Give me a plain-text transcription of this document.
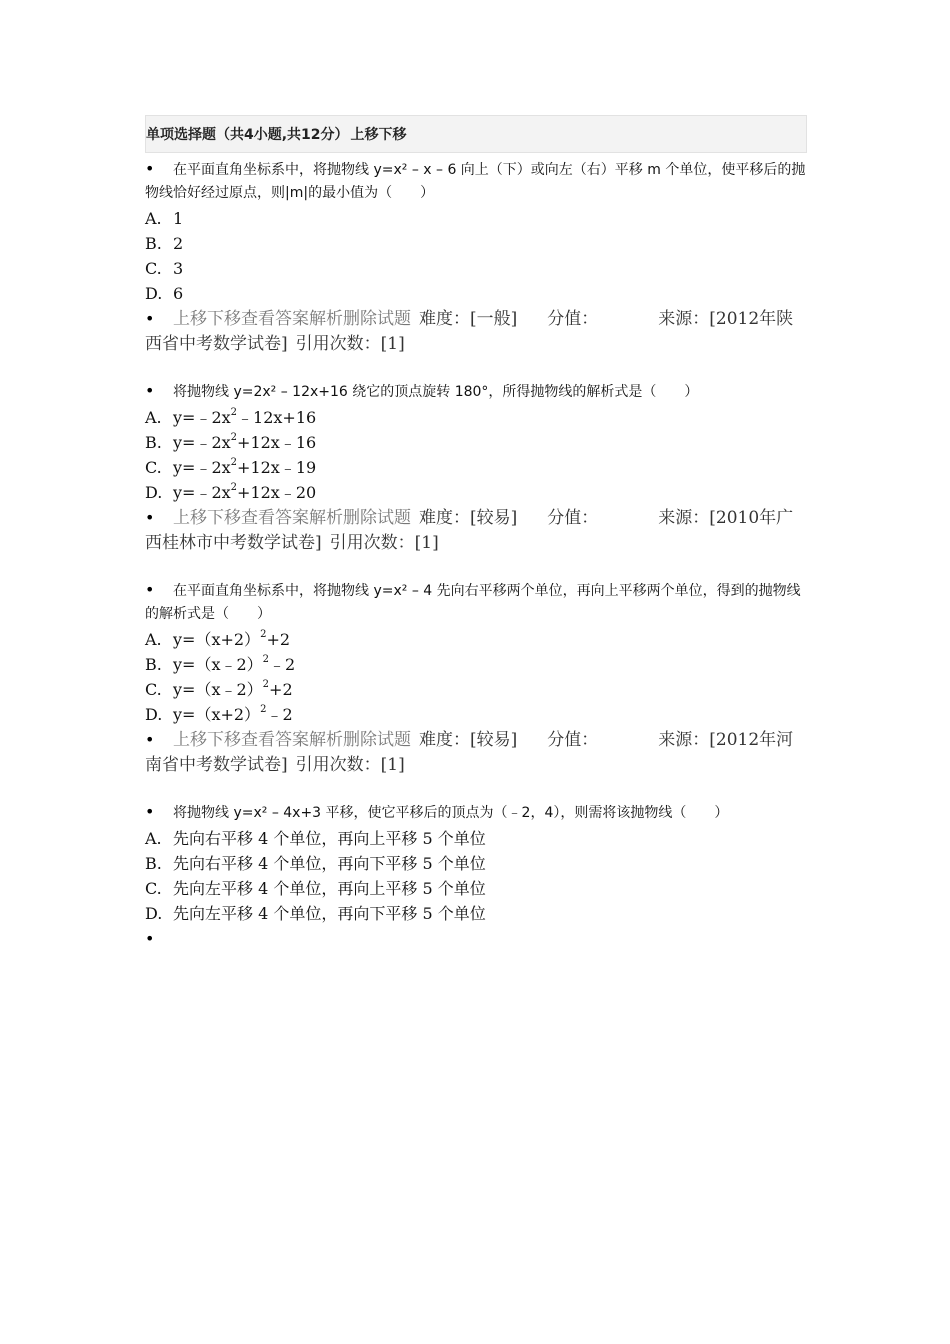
单项选择题（共4小题,共12分） 上移下移
• 在平面直角坐标系中，将抛物线 y=x² – x – 6 向上（下）或向左（右）平移 m 个单位，使平移后的抛物线恰好经过原点，则|m|的最小值为（　　）
A. 1
B. 2
C. 3
D. 6
• 上移下移查看答案解析删除试题 难度：[一般] 分值：	来源：[2012年陕西省中考数学试卷] 引用次数：[1]
• 将抛物线 y=2x² – 12x+16 绕它的顶点旋转 180°，所得抛物线的解析式是（　　）
A. $y=﹣2x^2﹣12x+16$
B. $y=﹣2x^2+12x﹣16$
C. $y=﹣2x^2+12x﹣19$
D. $y=﹣2x^2+12x﹣20$
• 上移下移查看答案解析删除试题 难度：[较易] 分值：	来源：[2010年广西桂林市中考数学试卷] 引用次数：[1]
• 在平面直角坐标系中，将抛物线 y=x² – 4 先向右平移两个单位，再向上平移两个单位，得到的抛物线的解析式是（　　）
A. $y=(x+2)^2+2$
B. y=（x﹣2）$^2$﹣2
C. y=（x﹣2）$^2$+2
D. $y=(x+2)^2﹣2$
• 上移下移查看答案解析删除试题 难度：[较易] 分值：	来源：[2012年河南省中考数学试卷] 引用次数：[1]
• 将抛物线 y=x² – 4x+3 平移，使它平移后的顶点为（﹣2，4），则需将该抛物线（　　）
A. 先向右平移 4 个单位，再向上平移 5 个单位
B. 先向右平移 4 个单位，再向下平移 5 个单位
C. 先向左平移 4 个单位，再向上平移 5 个单位
D. 先向左平移 4 个单位，再向下平移 5 个单位
•
